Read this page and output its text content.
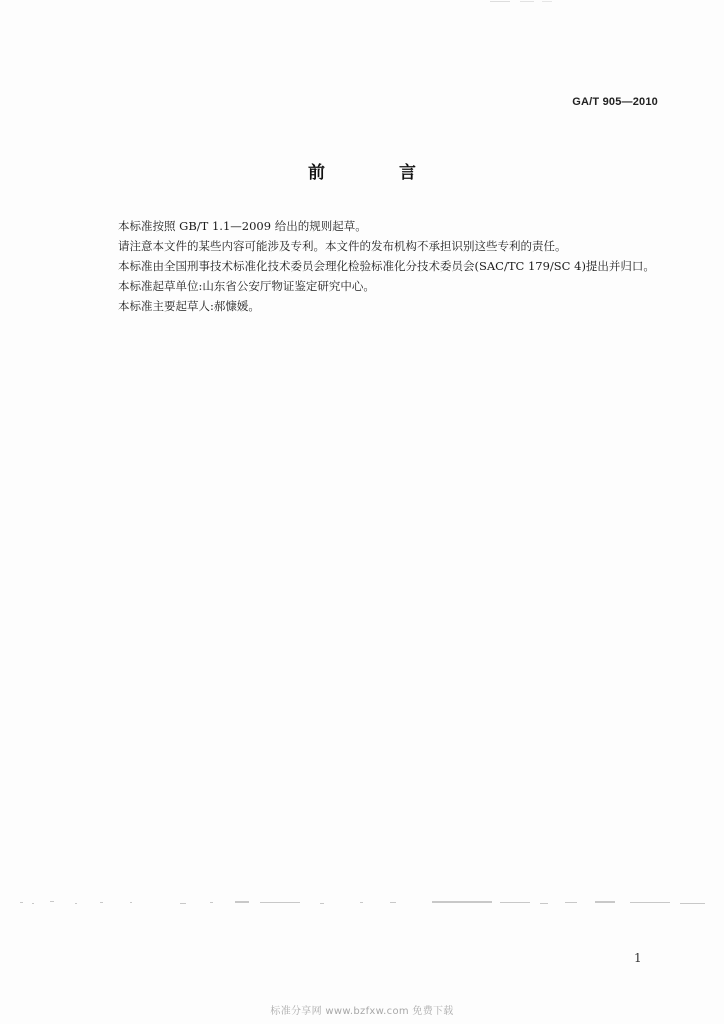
GA/T 905—2010
前 言

本标准按照 GB/T 1.1—2009 给出的规则起草。

请注意本文件的某些内容可能涉及专利。本文件的发布机构不承担识别这些专利的责任。

本标准由全国刑事技术标准化技术委员会理化检验标准化分技术委员会(SAC/TC 179/SC 4)提出并归口。

本标准起草单位:山东省公安厅物证鉴定研究中心。

本标准主要起草人:郝慷媛。

1
标准分享网 www.bzfxw.com 免费下载
